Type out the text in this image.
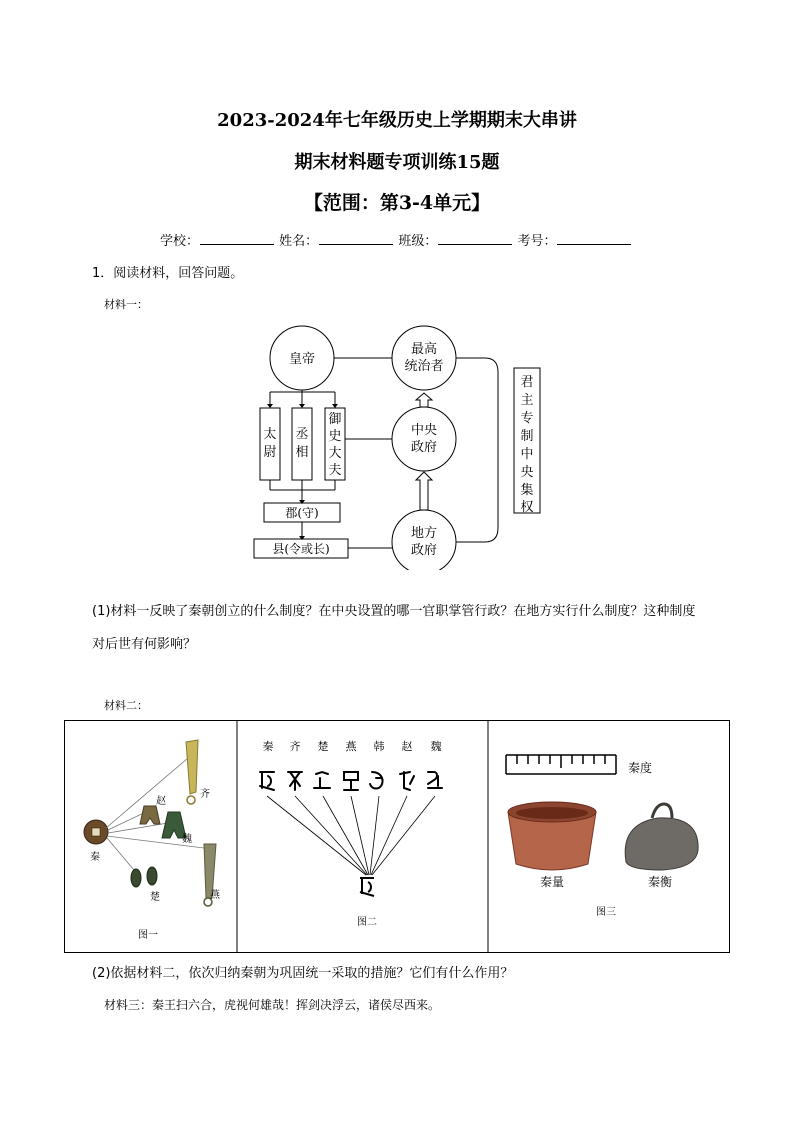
2023-2024年七年级历史上学期期末大串讲
期末材料题专项训练15题
【范围：第3-4单元】
学校：	姓名：	班级：	考号：
1．阅读材料，回答问题。
材料一：
皇帝
最高
统治者
中央
政府
地方
政府
太
尉
丞
相
御
史
大
夫
郡(守)
县(令或长)
君
主
专
制
中
央
集
权
(1)材料一反映了秦朝创立的什么制度？在中央设置的哪一官职掌管行政？在地方实行什么制度？这种制度
对后世有何影响？
材料二：
秦
赵
齐
魏
楚	燕
图一
秦 齐 楚 燕 韩 赵 魏
图二
秦度
秦量	秦衡
图三
(2)依据材料二，依次归纳秦朝为巩固统一采取的措施？它们有什么作用？
材料三：秦王扫六合，虎视何雄哉！挥剑决浮云，诸侯尽西来。
